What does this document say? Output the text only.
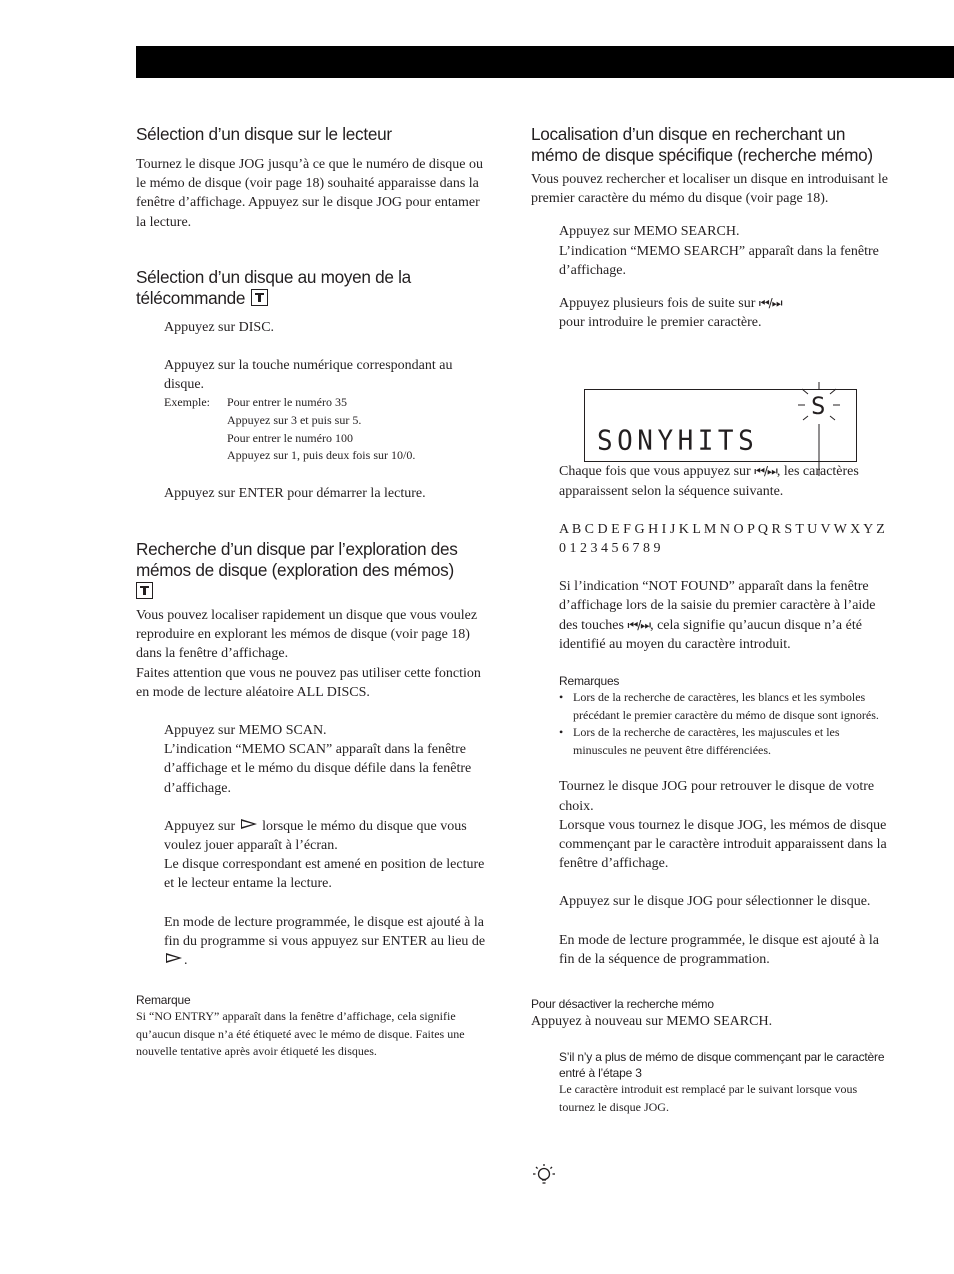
Sélection d’un disque sur le lecteur

Tournez le disque JOG jusqu’à ce que le numéro de disque ou le mémo de disque (voir page 18) souhaité apparaisse dans la fenêtre d’affichage. Appuyez sur le disque JOG pour entamer la lecture.

Sélection d’un disque au moyen de la
télécommande

Appuyez sur DISC.

Appuyez sur la touche numérique correspondant au disque.

Exemple:	Pour entrer le numéro 35
	Appuyez sur 3 et puis sur 5.
	Pour entrer le numéro 100
	Appuyez sur 1, puis deux fois sur 10/0.

Appuyez sur ENTER pour démarrer la lecture.

Recherche d’un disque par l’exploration des
mémos de disque (exploration des mémos)

Vous pouvez localiser rapidement un disque que vous voulez reproduire en explorant les mémos de disque (voir page 18) dans la fenêtre d’affichage.

Faites attention que vous ne pouvez pas utiliser cette fonction en mode de lecture aléatoire ALL DISCS.

Appuyez sur MEMO SCAN.

L’indication “MEMO SCAN” apparaît dans la fenêtre d’affichage et le mémo du disque défile dans la fenêtre d’affichage.

Appuyez sur lorsque le mémo du disque que vous voulez jouer apparaît à l’écran.

Le disque correspondant est amené en position de lecture et le lecteur entame la lecture.

En mode de lecture programmée, le disque est ajouté à la fin du programme si vous appuyez sur ENTER au lieu de .

Remarque

Si “NO ENTRY” apparaît dans la fenêtre d’affichage, cela signifie qu’aucun disque n’a été étiqueté avec le mémo de disque. Faites une nouvelle tentative après avoir étiqueté les disques.

Localisation d’un disque en recherchant un mémo de disque spécifique (recherche mémo)

Vous pouvez rechercher et localiser un disque en introduisant le premier caractère du mémo du disque (voir page 18).

Appuyez sur MEMO SEARCH.

L’indication “MEMO SEARCH” apparaît dans la fenêtre d’affichage.

Appuyez plusieurs fois de suite sur ⏮/⏭
pour introduire le premier caractère.

Chaque fois que vous appuyez sur ⏮/⏭, les caractères apparaissent selon la séquence suivante.

A B C D E F G H I J K L M N O P Q R S T U V W X Y Z 0 1 2 3 4 5 6 7 8 9

Si l’indication “NOT FOUND” apparaît dans la fenêtre d’affichage lors de la saisie du premier caractère à l’aide des touches ⏮/⏭, cela signifie qu’aucun disque n’a été identifié au moyen du caractère introduit.

Remarques

• Lors de la recherche de caractères, les blancs et les symboles précédant le premier caractère du mémo de disque sont ignorés.
• Lors de la recherche de caractères, les majuscules et les minuscules ne peuvent être différenciées.

Tournez le disque JOG pour retrouver le disque de votre choix.

Lorsque vous tournez le disque JOG, les mémos de disque commençant par le caractère introduit apparaissent dans la fenêtre d’affichage.

Appuyez sur le disque JOG pour sélectionner le disque.

En mode de lecture programmée, le disque est ajouté à la fin de la séquence de programmation.

Pour désactiver la recherche mémo

Appuyez à nouveau sur MEMO SEARCH.

S’il n’y a plus de mémo de disque commençant par le caractère entré à l’étape 3

Le caractère introduit est remplacé par le suivant lorsque vous tournez le disque JOG.

SONYHITS
S
